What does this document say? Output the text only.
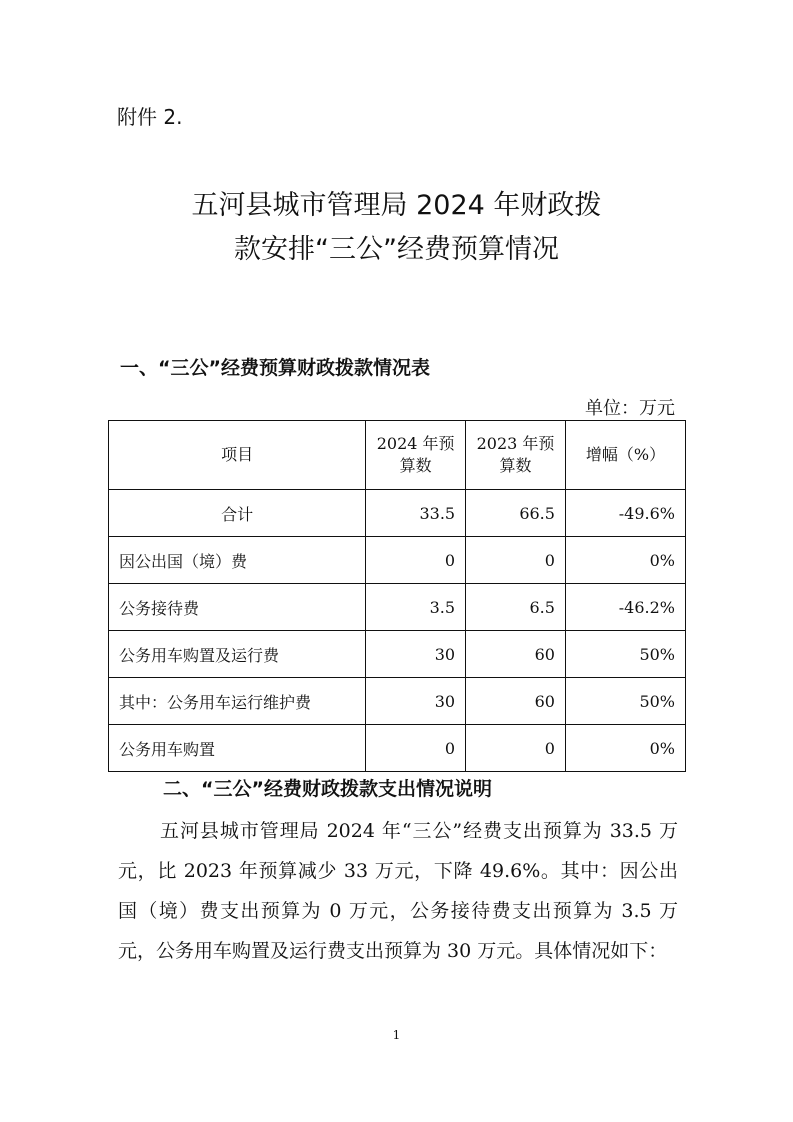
附件 2.
五河县城市管理局 2024 年财政拨
款安排“三公”经费预算情况
一、“三公”经费预算财政拨款情况表
单位：万元
项目	2024 年预算数	2023 年预算数	增幅（%）
合计	33.5	66.5	-49.6%
因公出国（境）费	0	0	0%
公务接待费	3.5	6.5	-46.2%
公务用车购置及运行费	30	60	50%
其中：公务用车运行维护费	30	60	50%
公务用车购置	0	0	0%
二、“三公”经费财政拨款支出情况说明
五河县城市管理局 2024 年“三公”经费支出预算为 33.5 万元，比 2023 年预算减少 33 万元，下降 49.6%。其中：因公出国（境）费支出预算为 0 万元，公务接待费支出预算为 3.5 万元，公务用车购置及运行费支出预算为 30 万元。具体情况如下：
1
